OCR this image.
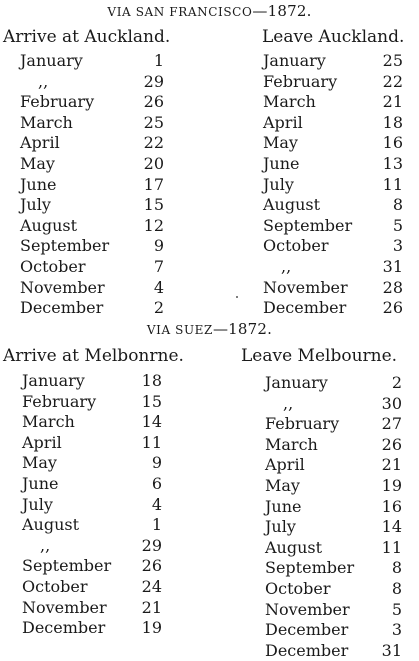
VIA SAN FRANCISCO—1872.
Arrive at Auckland.	Leave Auckland.
January	1
,,	29
February	26
March	25
April	22
May	20
June	17
July	15
August	12
September	9
October	7
November	4
December	2
January	25
February	22
March	21
April	18
May	16
June	13
July	11
August	8
September	5
October	3
,,	31
November 28
December 26
VIA SUEZ—1872.
Arrive at Melbonrne.	Leave Melbourne.
January	18
February	15
March	14
April	11
May	9
June	6
July	4
August	1
,,	29
September 26
October	24
November 21
December 19
January	2
,,	30
February	27
March	26
April	21
May	19
June	16
July	14
August	11
September 8
October	8
November	5
December	3
December 31
